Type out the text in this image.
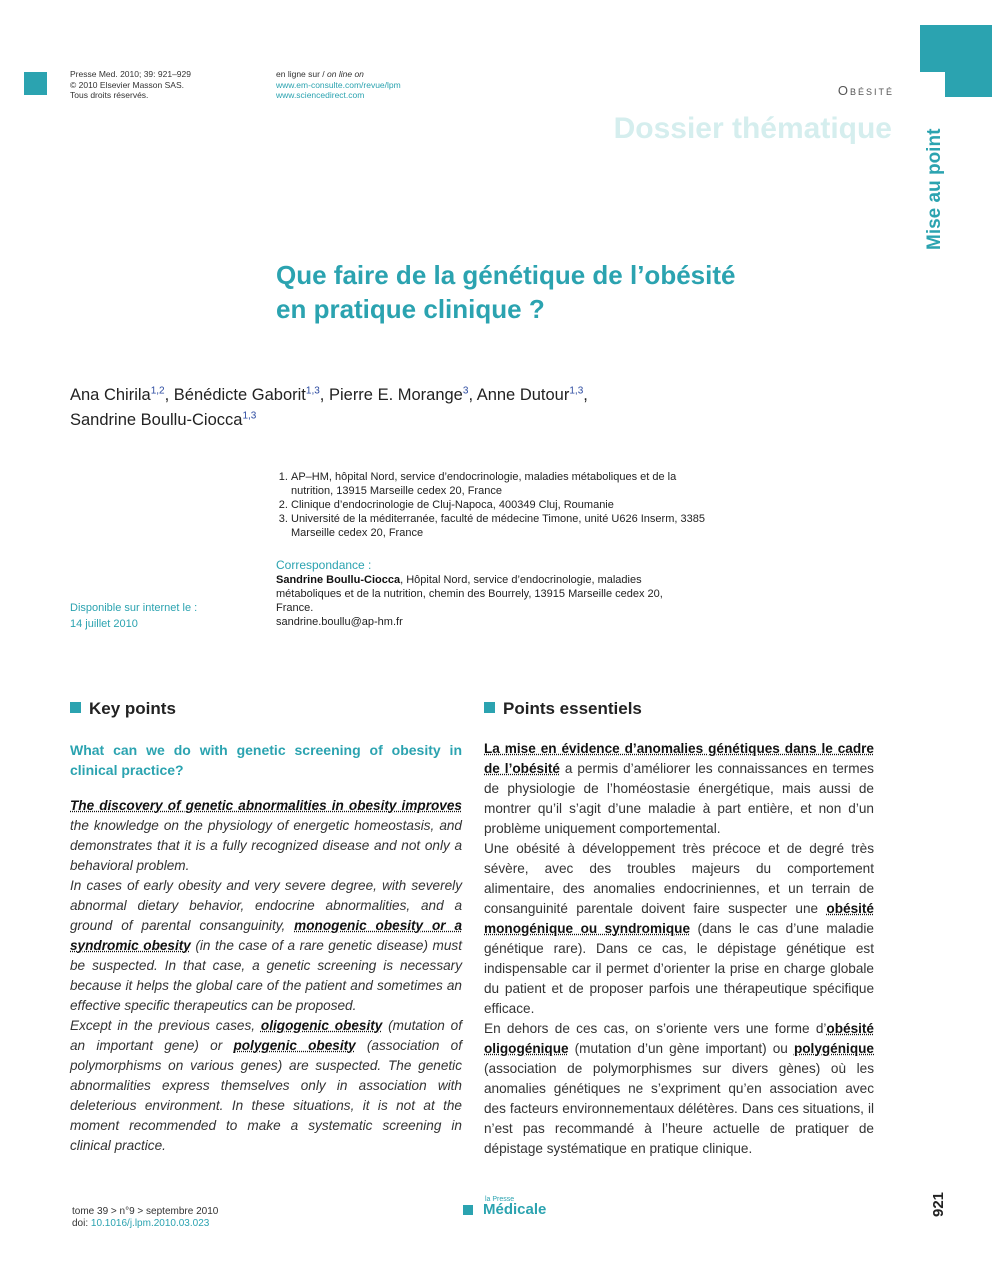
Presse Med. 2010; 39: 921–929
© 2010 Elsevier Masson SAS.
Tous droits réservés.
en ligne sur / on line on
www.em-consulte.com/revue/lpm
www.sciencedirect.com	Obésité
Dossier thématique
Mise au point
Que faire de la génétique de l’obésité
en pratique clinique ?
Ana Chirila$^{1,2}$, Bénédicte Gaborit$^{1,3}$, Pierre E. Morange$^3$, Anne Dutour$^{1,3}$,
Sandrine Boullu-Ciocca$^{1,3}$
1. AP–HM, hôpital Nord, service d’endocrinologie, maladies métaboliques et de la nutrition, 13915 Marseille cedex 20, France
2. Clinique d’endocrinologie de Cluj-Napoca, 400349 Cluj, Roumanie
3. Université de la méditerranée, faculté de médecine Timone, unité U626 Inserm, 3385 Marseille cedex 20, France
Correspondance :
Sandrine Boullu-Ciocca, Hôpital Nord, service d’endocrinologie, maladies métaboliques et de la nutrition, chemin des Bourrely, 13915 Marseille cedex 20, France.
sandrine.boullu@ap-hm.fr
Disponible sur internet le :
14 juillet 2010
Key points
What can we do with genetic screening of obesity in clinical practice?

The discovery of genetic abnormalities in obesity improves the knowledge on the physiology of energetic homeostasis, and demonstrates that it is a fully recognized disease and not only a behavioral problem.

In cases of early obesity and very severe degree, with severely abnormal dietary behavior, endocrine abnormalities, and a ground of parental consanguinity, monogenic obesity or a syndromic obesity (in the case of a rare genetic disease) must be suspected. In that case, a genetic screening is necessary because it helps the global care of the patient and sometimes an effective specific therapeutics can be proposed.

Except in the previous cases, oligogenic obesity (mutation of an important gene) or polygenic obesity (association of polymorphisms on various genes) are suspected. The genetic abnormalities express themselves only in association with deleterious environment. In these situations, it is not at the moment recommended to make a systematic screening in clinical practice.

Points essentiels

La mise en évidence d’anomalies génétiques dans le cadre de l’obésité a permis d’améliorer les connaissances en termes de physiologie de l’homéostasie énergétique, mais aussi de montrer qu’il s’agit d’une maladie à part entière, et non d’un problème uniquement comportemental.

Une obésité à développement très précoce et de degré très sévère, avec des troubles majeurs du comportement alimentaire, des anomalies endocriniennes, et un terrain de consanguinité parentale doivent faire suspecter une obésité monogénique ou syndromique (dans le cas d’une maladie génétique rare). Dans ce cas, le dépistage génétique est indispensable car il permet d’orienter la prise en charge globale du patient et de proposer parfois une thérapeutique spécifique efficace.

En dehors de ces cas, on s’oriente vers une forme d’obésité oligogénique (mutation d’un gène important) ou polygénique (association de polymorphismes sur divers gènes) où les anomalies génétiques ne s’expriment qu’en association avec des facteurs environnementaux délétères. Dans ces situations, il n’est pas recommandé à l’heure actuelle de pratiquer de dépistage systématique en pratique clinique.

tome 39 > n°9 > septembre 2010
doi: 10.1016/j.lpm.2010.03.023
la Presse
Médicale	921
